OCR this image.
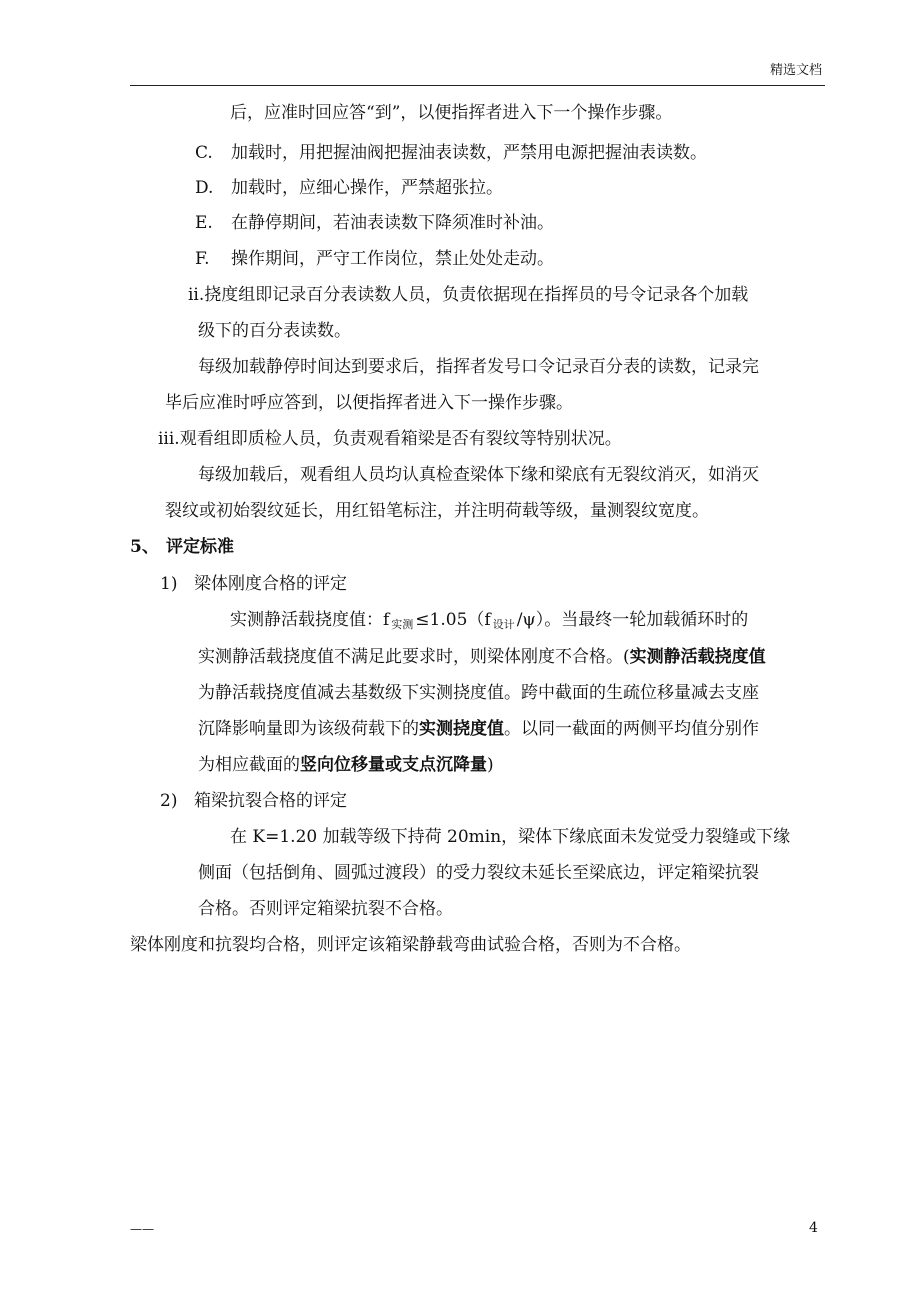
精选文档
后，应准时回应答“到”，以便指挥者进入下一个操作步骤。
C. 加载时，用把握油阀把握油表读数，严禁用电源把握油表读数。
D. 加载时，应细心操作，严禁超张拉。
E. 在静停期间，若油表读数下降须准时补油。
F. 操作期间，严守工作岗位，禁止处处走动。
ii.挠度组即记录百分表读数人员，负责依据现在指挥员的号令记录各个加载
级下的百分表读数。
每级加载静停时间达到要求后，指挥者发号口令记录百分表的读数，记录完
毕后应准时呼应答到，以便指挥者进入下一操作步骤。
iii.观看组即质检人员，负责观看箱梁是否有裂纹等特别状况。
每级加载后，观看组人员均认真检查梁体下缘和梁底有无裂纹消灭，如消灭
裂纹或初始裂纹延长，用红铅笔标注，并注明荷载等级，量测裂纹宽度。
5、 评定标准
1) 梁体刚度合格的评定
实测静活载挠度值：f 实测 ≤1.05（f 设计 /ψ）。当最终一轮加载循环时的
实测静活载挠度值不满足此要求时，则梁体刚度不合格。(实测静活载挠度值
为静活载挠度值减去基数级下实测挠度值。跨中截面的生疏位移量减去支座
沉降影响量即为该级荷载下的实测挠度值。以同一截面的两侧平均值分别作
为相应截面的竖向位移量或支点沉降量)
2) 箱梁抗裂合格的评定
在 K=1.20 加载等级下持荷 20min，梁体下缘底面未发觉受力裂缝或下缘
侧面（包括倒角、圆弧过渡段）的受力裂纹未延长至梁底边，评定箱梁抗裂
合格。否则评定箱梁抗裂不合格。
梁体刚度和抗裂均合格，则评定该箱梁静载弯曲试验合格，否则为不合格。
——	4
